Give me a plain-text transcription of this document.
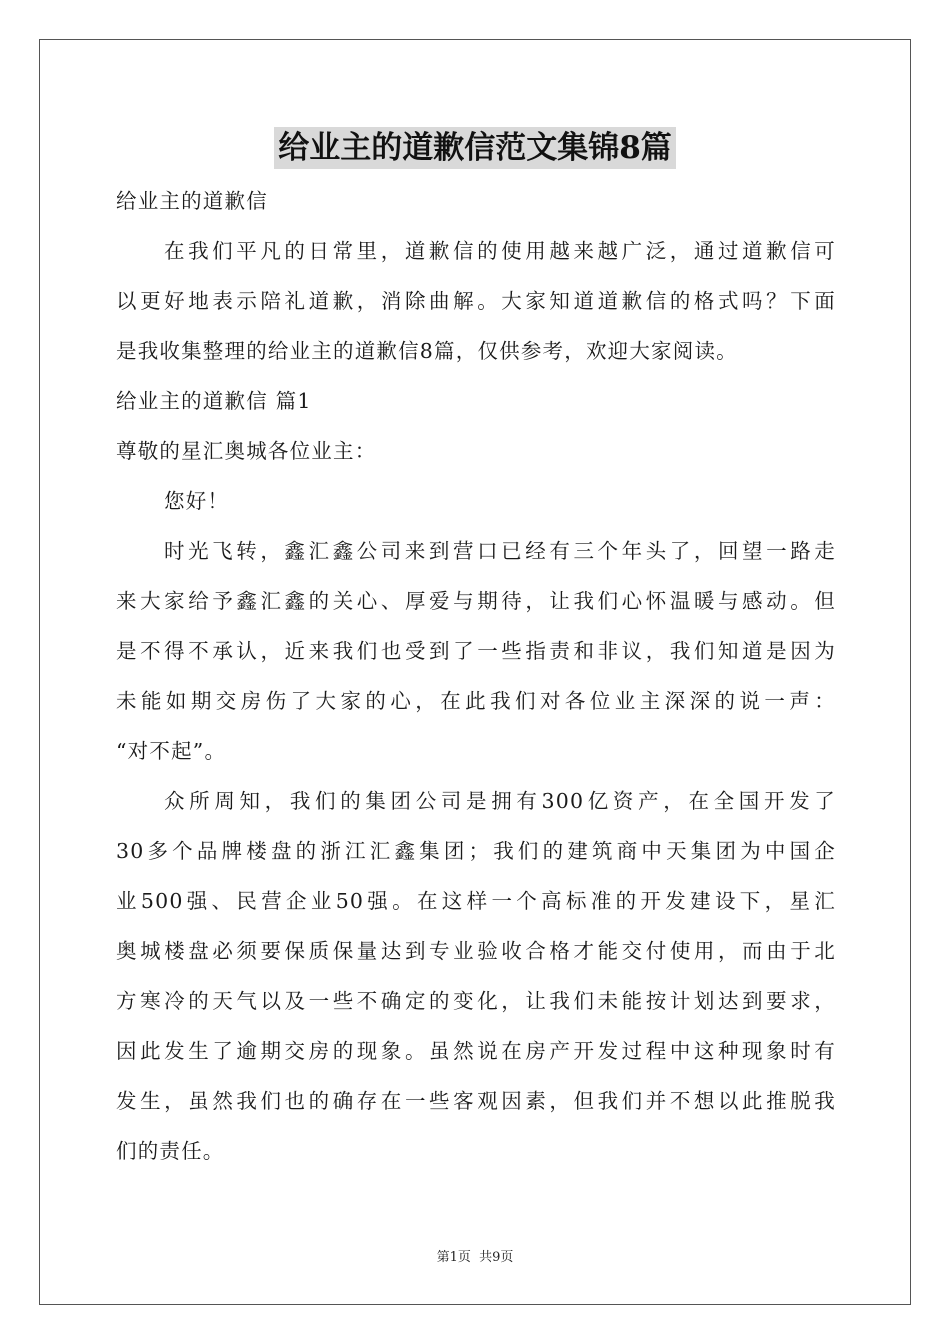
给业主的道歉信范文集锦8篇
给业主的道歉信
在我们平凡的日常里，道歉信的使用越来越广泛，通过道歉信可
以更好地表示陪礼道歉，消除曲解。大家知道道歉信的格式吗？下面
是我收集整理的给业主的道歉信8篇，仅供参考，欢迎大家阅读。
给业主的道歉信 篇1
尊敬的星汇奥城各位业主：
您好！
时光飞转，鑫汇鑫公司来到营口已经有三个年头了，回望一路走
来大家给予鑫汇鑫的关心、厚爱与期待，让我们心怀温暖与感动。但
是不得不承认，近来我们也受到了一些指责和非议，我们知道是因为
未能如期交房伤了大家的心，在此我们对各位业主深深的说一声：
“对不起”。
众所周知，我们的集团公司是拥有300亿资产，在全国开发了
30多个品牌楼盘的浙江汇鑫集团；我们的建筑商中天集团为中国企
业500强、民营企业50强。在这样一个高标准的开发建设下，星汇
奥城楼盘必须要保质保量达到专业验收合格才能交付使用，而由于北
方寒冷的天气以及一些不确定的变化，让我们未能按计划达到要求，
因此发生了逾期交房的现象。虽然说在房产开发过程中这种现象时有
发生，虽然我们也的确存在一些客观因素，但我们并不想以此推脱我
们的责任。
第1页 共9页
